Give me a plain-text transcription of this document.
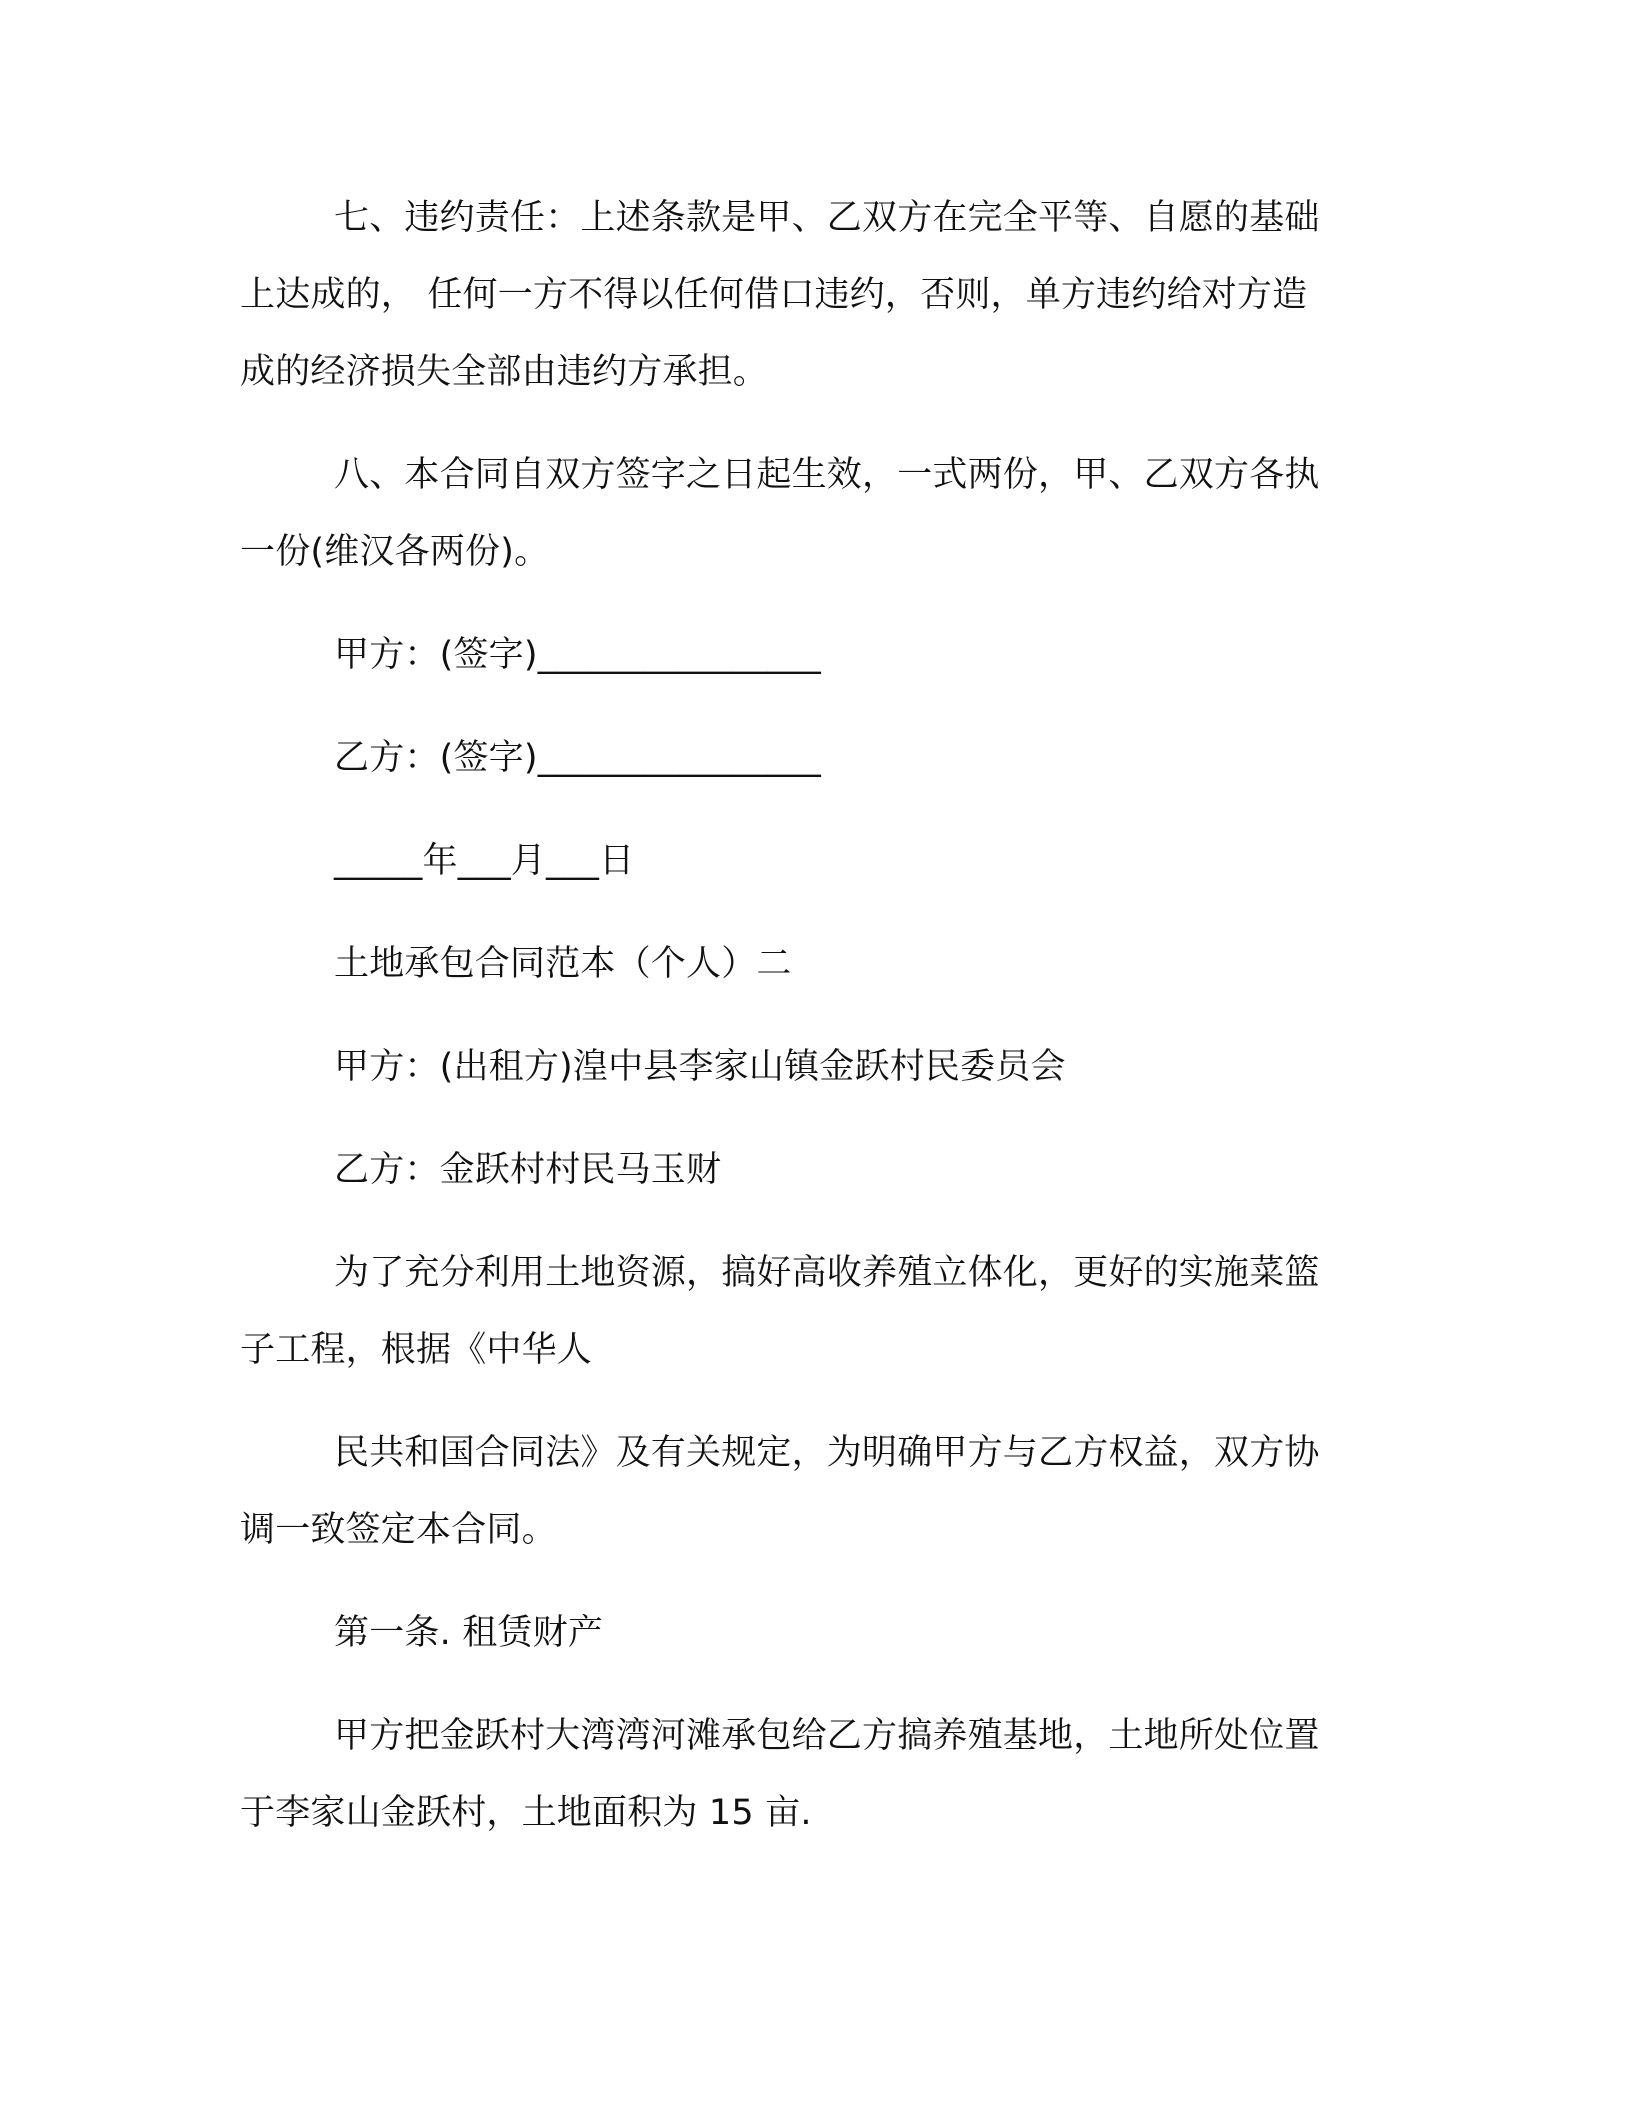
七、违约责任：上述条款是甲、乙双方在完全平等、自愿的基础
上达成的， 任何一方不得以任何借口违约，否则，单方违约给对方造
成的经济损失全部由违约方承担。
八、本合同自双方签字之日起生效，一式两份，甲、乙双方各执
一份(维汉各两份)。
甲方：(签字)________________
乙方：(签字)________________
_____年___月___日
土地承包合同范本（个人）二
甲方：(出租方)湟中县李家山镇金跃村民委员会
乙方：金跃村村民马玉财
为了充分利用土地资源，搞好高收养殖立体化，更好的实施菜篮
子工程，根据《中华人
民共和国合同法》及有关规定，为明确甲方与乙方权益，双方协
调一致签定本合同。
第一条. 租赁财产
甲方把金跃村大湾湾河滩承包给乙方搞养殖基地，土地所处位置
于李家山金跃村，土地面积为 15 亩.
